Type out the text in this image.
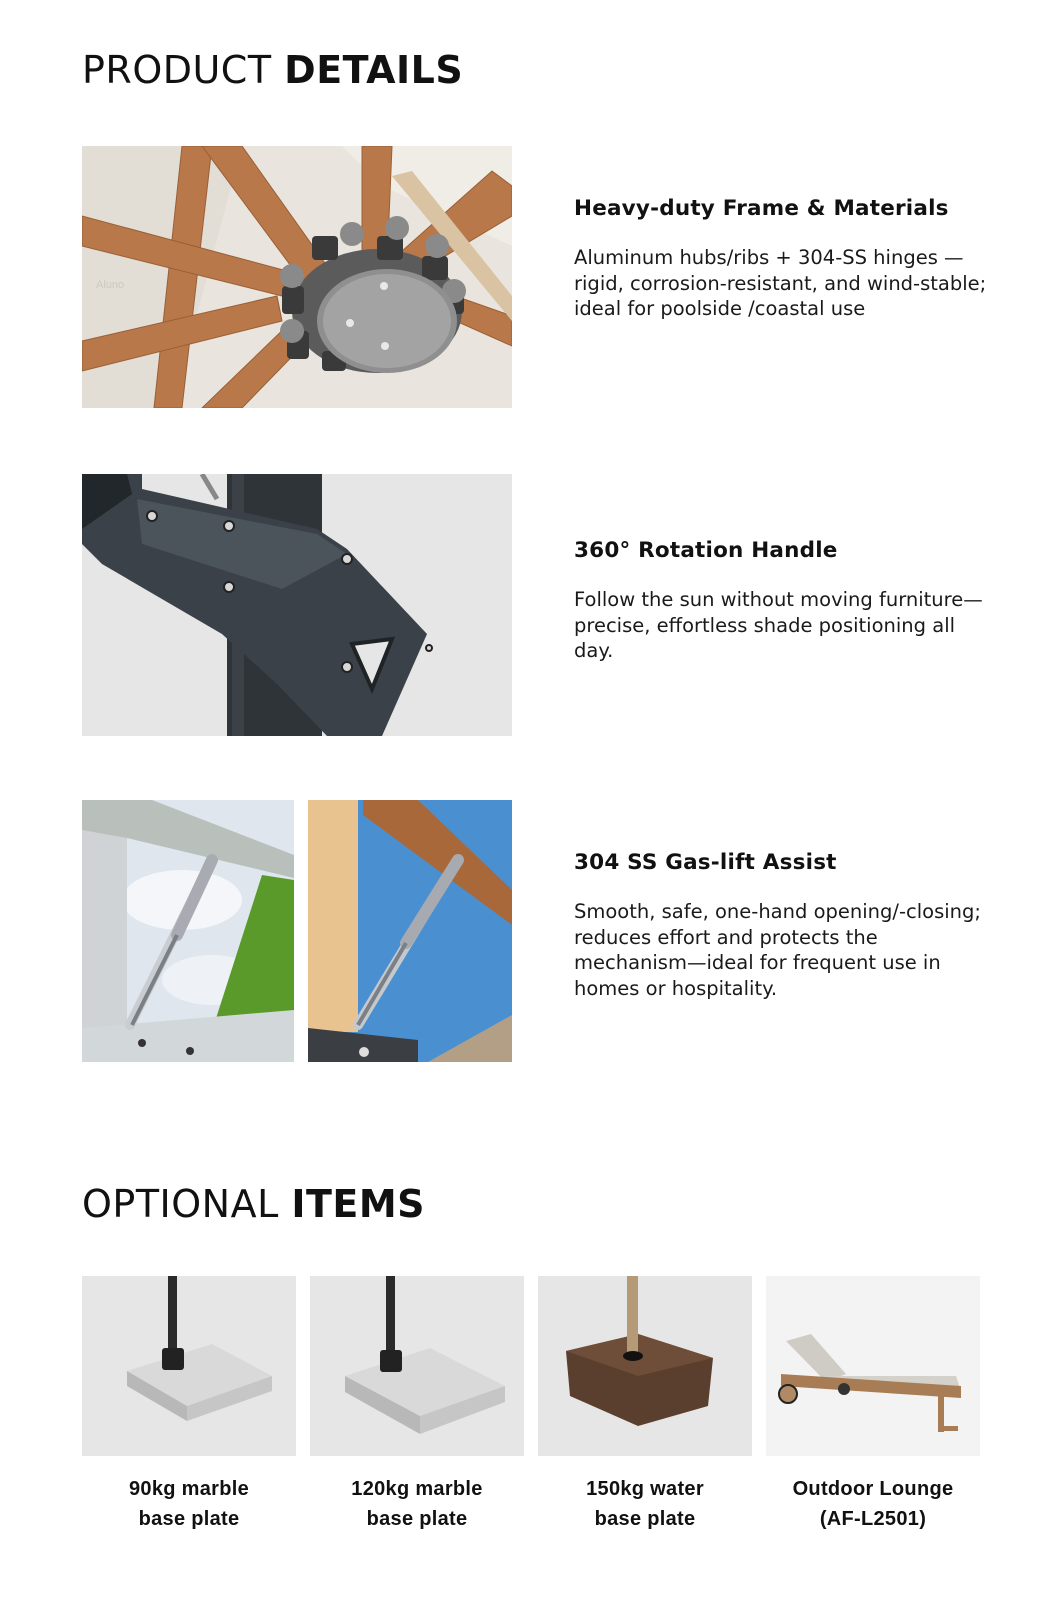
PRODUCT DETAILS
Aluno
Heavy-duty Frame & Materials

Aluminum hubs/ribs + 304-SS hinges — rigid, corrosion-resistant, and wind-stable; ideal for poolside /coastal use

360° Rotation Handle

Follow the sun without moving furniture—precise, effortless shade positioning all day.

304 SS Gas-lift Assist

Smooth, safe, one-hand opening/-closing; reduces effort and protects the mechanism—ideal for frequent use in homes or hospitality.

OPTIONAL ITEMS
90kg marble
base plate
120kg marble
base plate
150kg water
base plate
Outdoor Lounge
(AF-L2501)
